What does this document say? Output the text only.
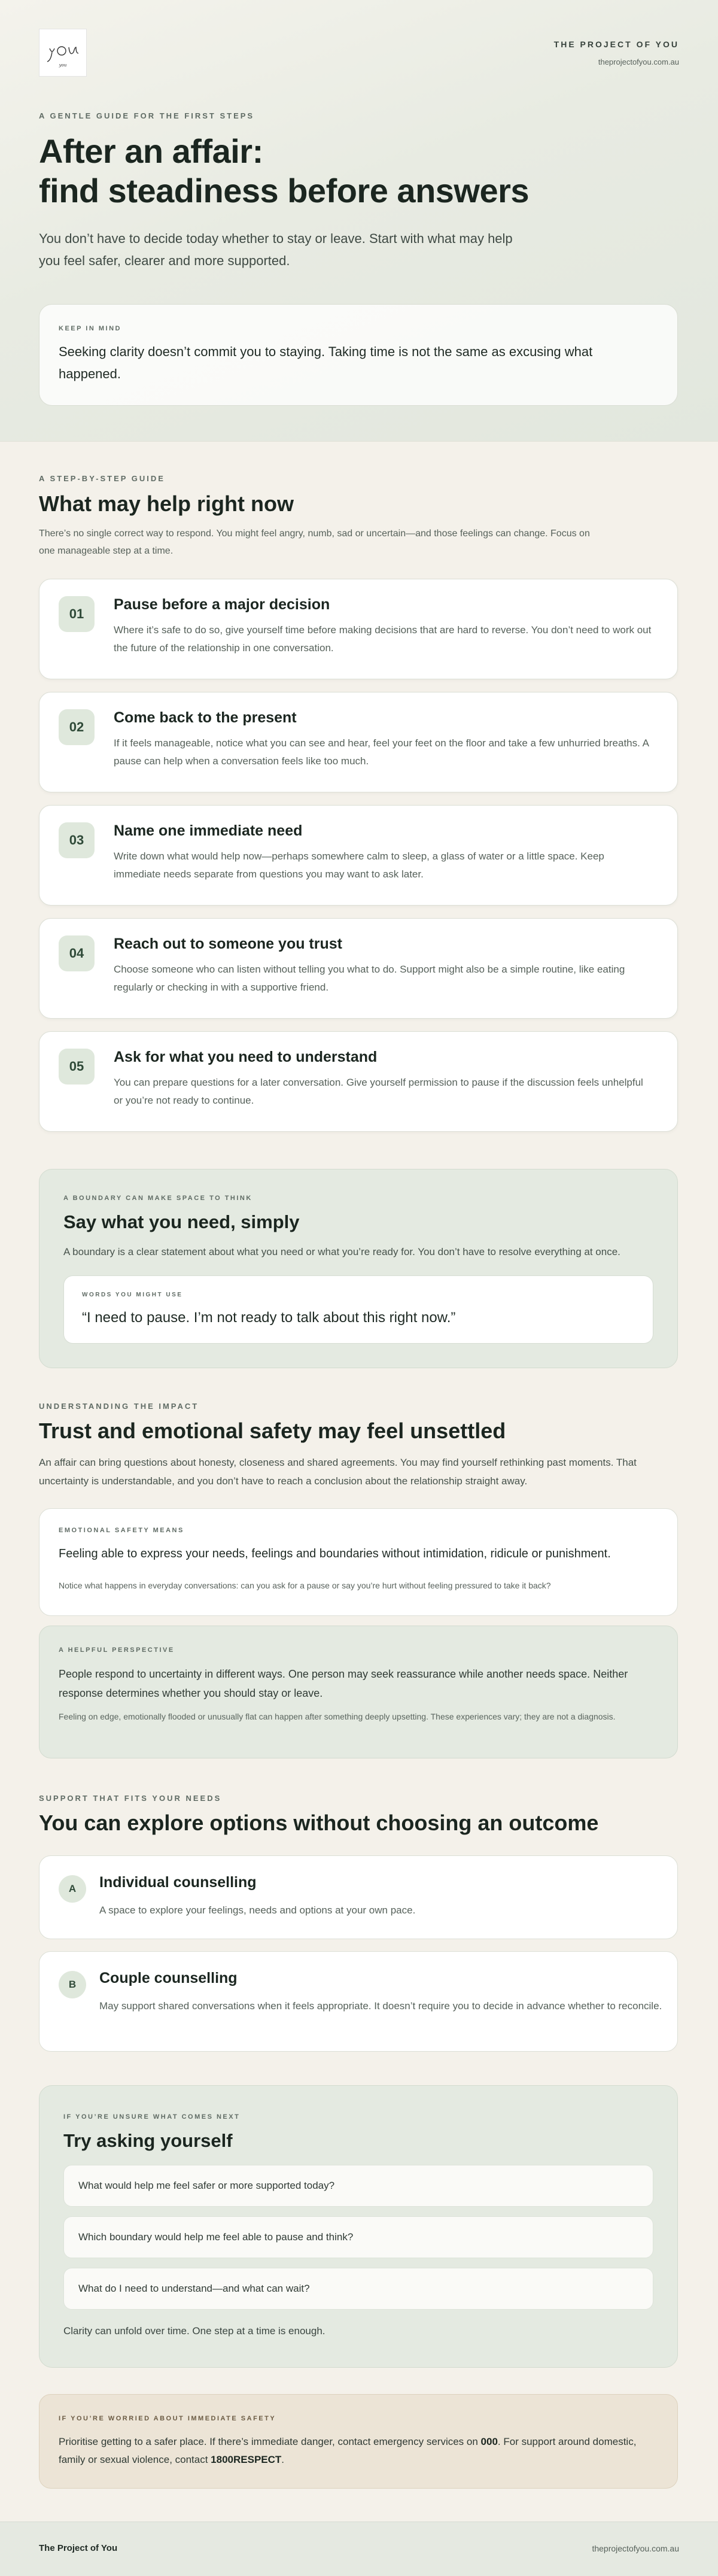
you
THE PROJECT OF YOU
theprojectofyou.com.au
A GENTLE GUIDE FOR THE FIRST STEPS
After an affair:
find steadiness before answers

You don’t have to decide today whether to stay or leave. Start with what may help you feel safer, clearer and more supported.

KEEP IN MIND
Seeking clarity doesn’t commit you to staying. Taking time is not the same as excusing what happened.
A STEP-BY-STEP GUIDE
What may help right now

There’s no single correct way to respond. You might feel angry, numb, sad or uncertain—and those feelings can change. Focus on one manageable step at a time.

01
Pause before a major decision
Where it’s safe to do so, give yourself time before making decisions that are hard to reverse. You don’t need to work out the future of the relationship in one conversation.
02
Come back to the present
If it feels manageable, notice what you can see and hear, feel your feet on the floor and take a few unhurried breaths. A pause can help when a conversation feels like too much.
03
Name one immediate need
Write down what would help now—perhaps somewhere calm to sleep, a glass of water or a little space. Keep immediate needs separate from questions you may want to ask later.
04
Reach out to someone you trust
Choose someone who can listen without telling you what to do. Support might also be a simple routine, like eating regularly or checking in with a supportive friend.
05
Ask for what you need to understand
You can prepare questions for a later conversation. Give yourself permission to pause if the discussion feels unhelpful or you’re not ready to continue.
A BOUNDARY CAN MAKE SPACE TO THINK
Say what you need, simply
A boundary is a clear statement about what you need or what you’re ready for. You don’t have to resolve everything at once.
WORDS YOU MIGHT USE
“I need to pause. I’m not ready to talk about this right now.”
UNDERSTANDING THE IMPACT
Trust and emotional safety may feel unsettled

An affair can bring questions about honesty, closeness and shared agreements. You may find yourself rethinking past moments. That uncertainty is understandable, and you don’t have to reach a conclusion about the relationship straight away.

EMOTIONAL SAFETY MEANS
Feeling able to express your needs, feelings and boundaries without intimidation, ridicule or punishment.
Notice what happens in everyday conversations: can you ask for a pause or say you’re hurt without feeling pressured to take it back?
A HELPFUL PERSPECTIVE
People respond to uncertainty in different ways. One person may seek reassurance while another needs space. Neither response determines whether you should stay or leave.
Feeling on edge, emotionally flooded or unusually flat can happen after something deeply upsetting. These experiences vary; they are not a diagnosis.
SUPPORT THAT FITS YOUR NEEDS
You can explore options without choosing an outcome
A	Individual counselling
A space to explore your feelings, needs and options at your own pace.
B	Couple counselling
May support shared conversations when it feels appropriate. It doesn’t require you to decide in advance whether to reconcile.
IF YOU’RE UNSURE WHAT COMES NEXT
Try asking yourself
What would help me feel safer or more supported today?
Which boundary would help me feel able to pause and think?
What do I need to understand—and what can wait?
Clarity can unfold over time. One step at a time is enough.
IF YOU’RE WORRIED ABOUT IMMEDIATE SAFETY
Prioritise getting to a safer place. If there’s immediate danger, contact emergency services on 000. For support around domestic, family or sexual violence, contact 1800RESPECT.
The Project of You	theprojectofyou.com.au
